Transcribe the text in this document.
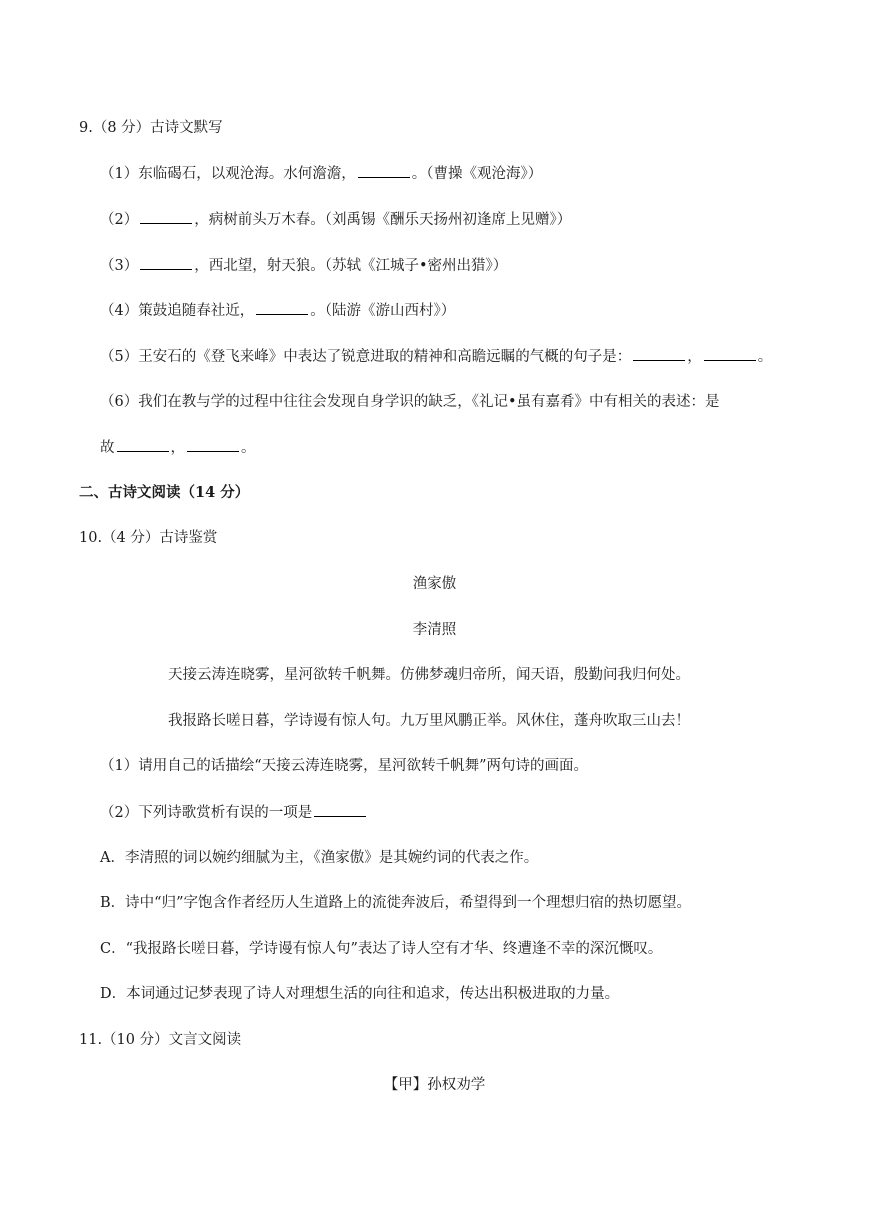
9.（8 分）古诗文默写
（1）东临碣石，以观沧海。水何澹澹，	。（曹操《观沧海》）
（2）	，病树前头万木春。（刘禹锡《酬乐天扬州初逢席上见赠》）
（3）	，西北望，射天狼。（苏轼《江城子•密州出猎》）
（4）策鼓追随春社近，	。（陆游《游山西村》）
（5）王安石的《登飞来峰》中表达了锐意进取的精神和高瞻远瞩的气概的句子是：	，	。
（6）我们在教与学的过程中往往会发现自身学识的缺乏，《礼记•虽有嘉肴》中有相关的表述：是
故	，	。
二、古诗文阅读（14 分）
10.（4 分）古诗鉴赏
渔家傲
李清照
天接云涛连晓雾，星河欲转千帆舞。仿佛梦魂归帝所，闻天语，殷勤问我归何处。
我报路长嗟日暮，学诗谩有惊人句。九万里风鹏正举。风休住，蓬舟吹取三山去！
（1）请用自己的话描绘“天接云涛连晓雾，星河欲转千帆舞”两句诗的画面。
（2）下列诗歌赏析有误的一项是
A．李清照的词以婉约细腻为主，《渔家傲》是其婉约词的代表之作。
B．诗中“归”字饱含作者经历人生道路上的流徙奔波后，希望得到一个理想归宿的热切愿望。
C．“我报路长嗟日暮，学诗谩有惊人句”表达了诗人空有才华、终遭逢不幸的深沉慨叹。
D．本词通过记梦表现了诗人对理想生活的向往和追求，传达出积极进取的力量。
11.（10 分）文言文阅读
【甲】孙权劝学
